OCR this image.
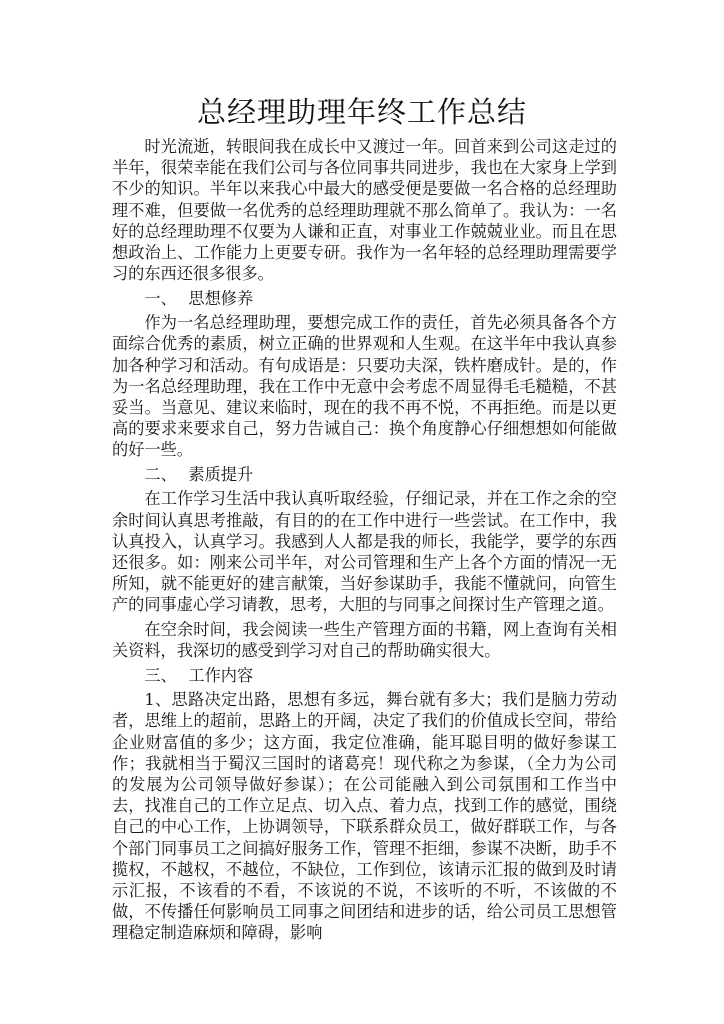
总经理助理年终工作总结

时光流逝，转眼间我在成长中又渡过一年。回首来到公司这走过的半年，很荣幸能在我们公司与各位同事共同进步，我也在大家身上学到不少的知识。半年以来我心中最大的感受便是要做一名合格的总经理助理不难，但要做一名优秀的总经理助理就不那么简单了。我认为：一名好的总经理助理不仅要为人谦和正直，对事业工作兢兢业业。而且在思想政治上、工作能力上更要专研。我作为一名年轻的总经理助理需要学习的东西还很多很多。

一、 思想修养

作为一名总经理助理，要想完成工作的责任，首先必须具备各个方面综合优秀的素质，树立正确的世界观和人生观。在这半年中我认真参加各种学习和活动。有句成语是：只要功夫深，铁杵磨成针。是的，作为一名总经理助理，我在工作中无意中会考虑不周显得毛毛糙糙，不甚妥当。当意见、建议来临时，现在的我不再不悦，不再拒绝。而是以更高的要求来要求自己，努力告诫自己：换个角度静心仔细想想如何能做的好一些。

二、 素质提升

在工作学习生活中我认真听取经验，仔细记录，并在工作之余的空余时间认真思考推敲，有目的的在工作中进行一些尝试。在工作中，我认真投入，认真学习。我感到人人都是我的师长，我能学，要学的东西还很多。如：刚来公司半年，对公司管理和生产上各个方面的情况一无所知，就不能更好的建言献策，当好参谋助手，我能不懂就问，向管生产的同事虚心学习请教，思考，大胆的与同事之间探讨生产管理之道。

在空余时间，我会阅读一些生产管理方面的书籍，网上查询有关相关资料，我深切的感受到学习对自己的帮助确实很大。

三、 工作内容

1、思路决定出路，思想有多远，舞台就有多大；我们是脑力劳动者，思维上的超前，思路上的开阔，决定了我们的价值成长空间，带给企业财富值的多少；这方面，我定位准确，能耳聪目明的做好参谋工作；我就相当于蜀汉三国时的诸葛亮！现代称之为参谋，（全力为公司的发展为公司领导做好参谋）；在公司能融入到公司氛围和工作当中去，找准自己的工作立足点、切入点、着力点，找到工作的感觉，围绕自己的中心工作，上协调领导，下联系群众员工，做好群联工作，与各个部门同事员工之间搞好服务工作，管理不拒细，参谋不决断，助手不揽权，不越权，不越位，不缺位，工作到位，该请示汇报的做到及时请示汇报，不该看的不看，不该说的不说，不该听的不听，不该做的不做，不传播任何影响员工同事之间团结和进步的话，给公司员工思想管理稳定制造麻烦和障碍，影响
